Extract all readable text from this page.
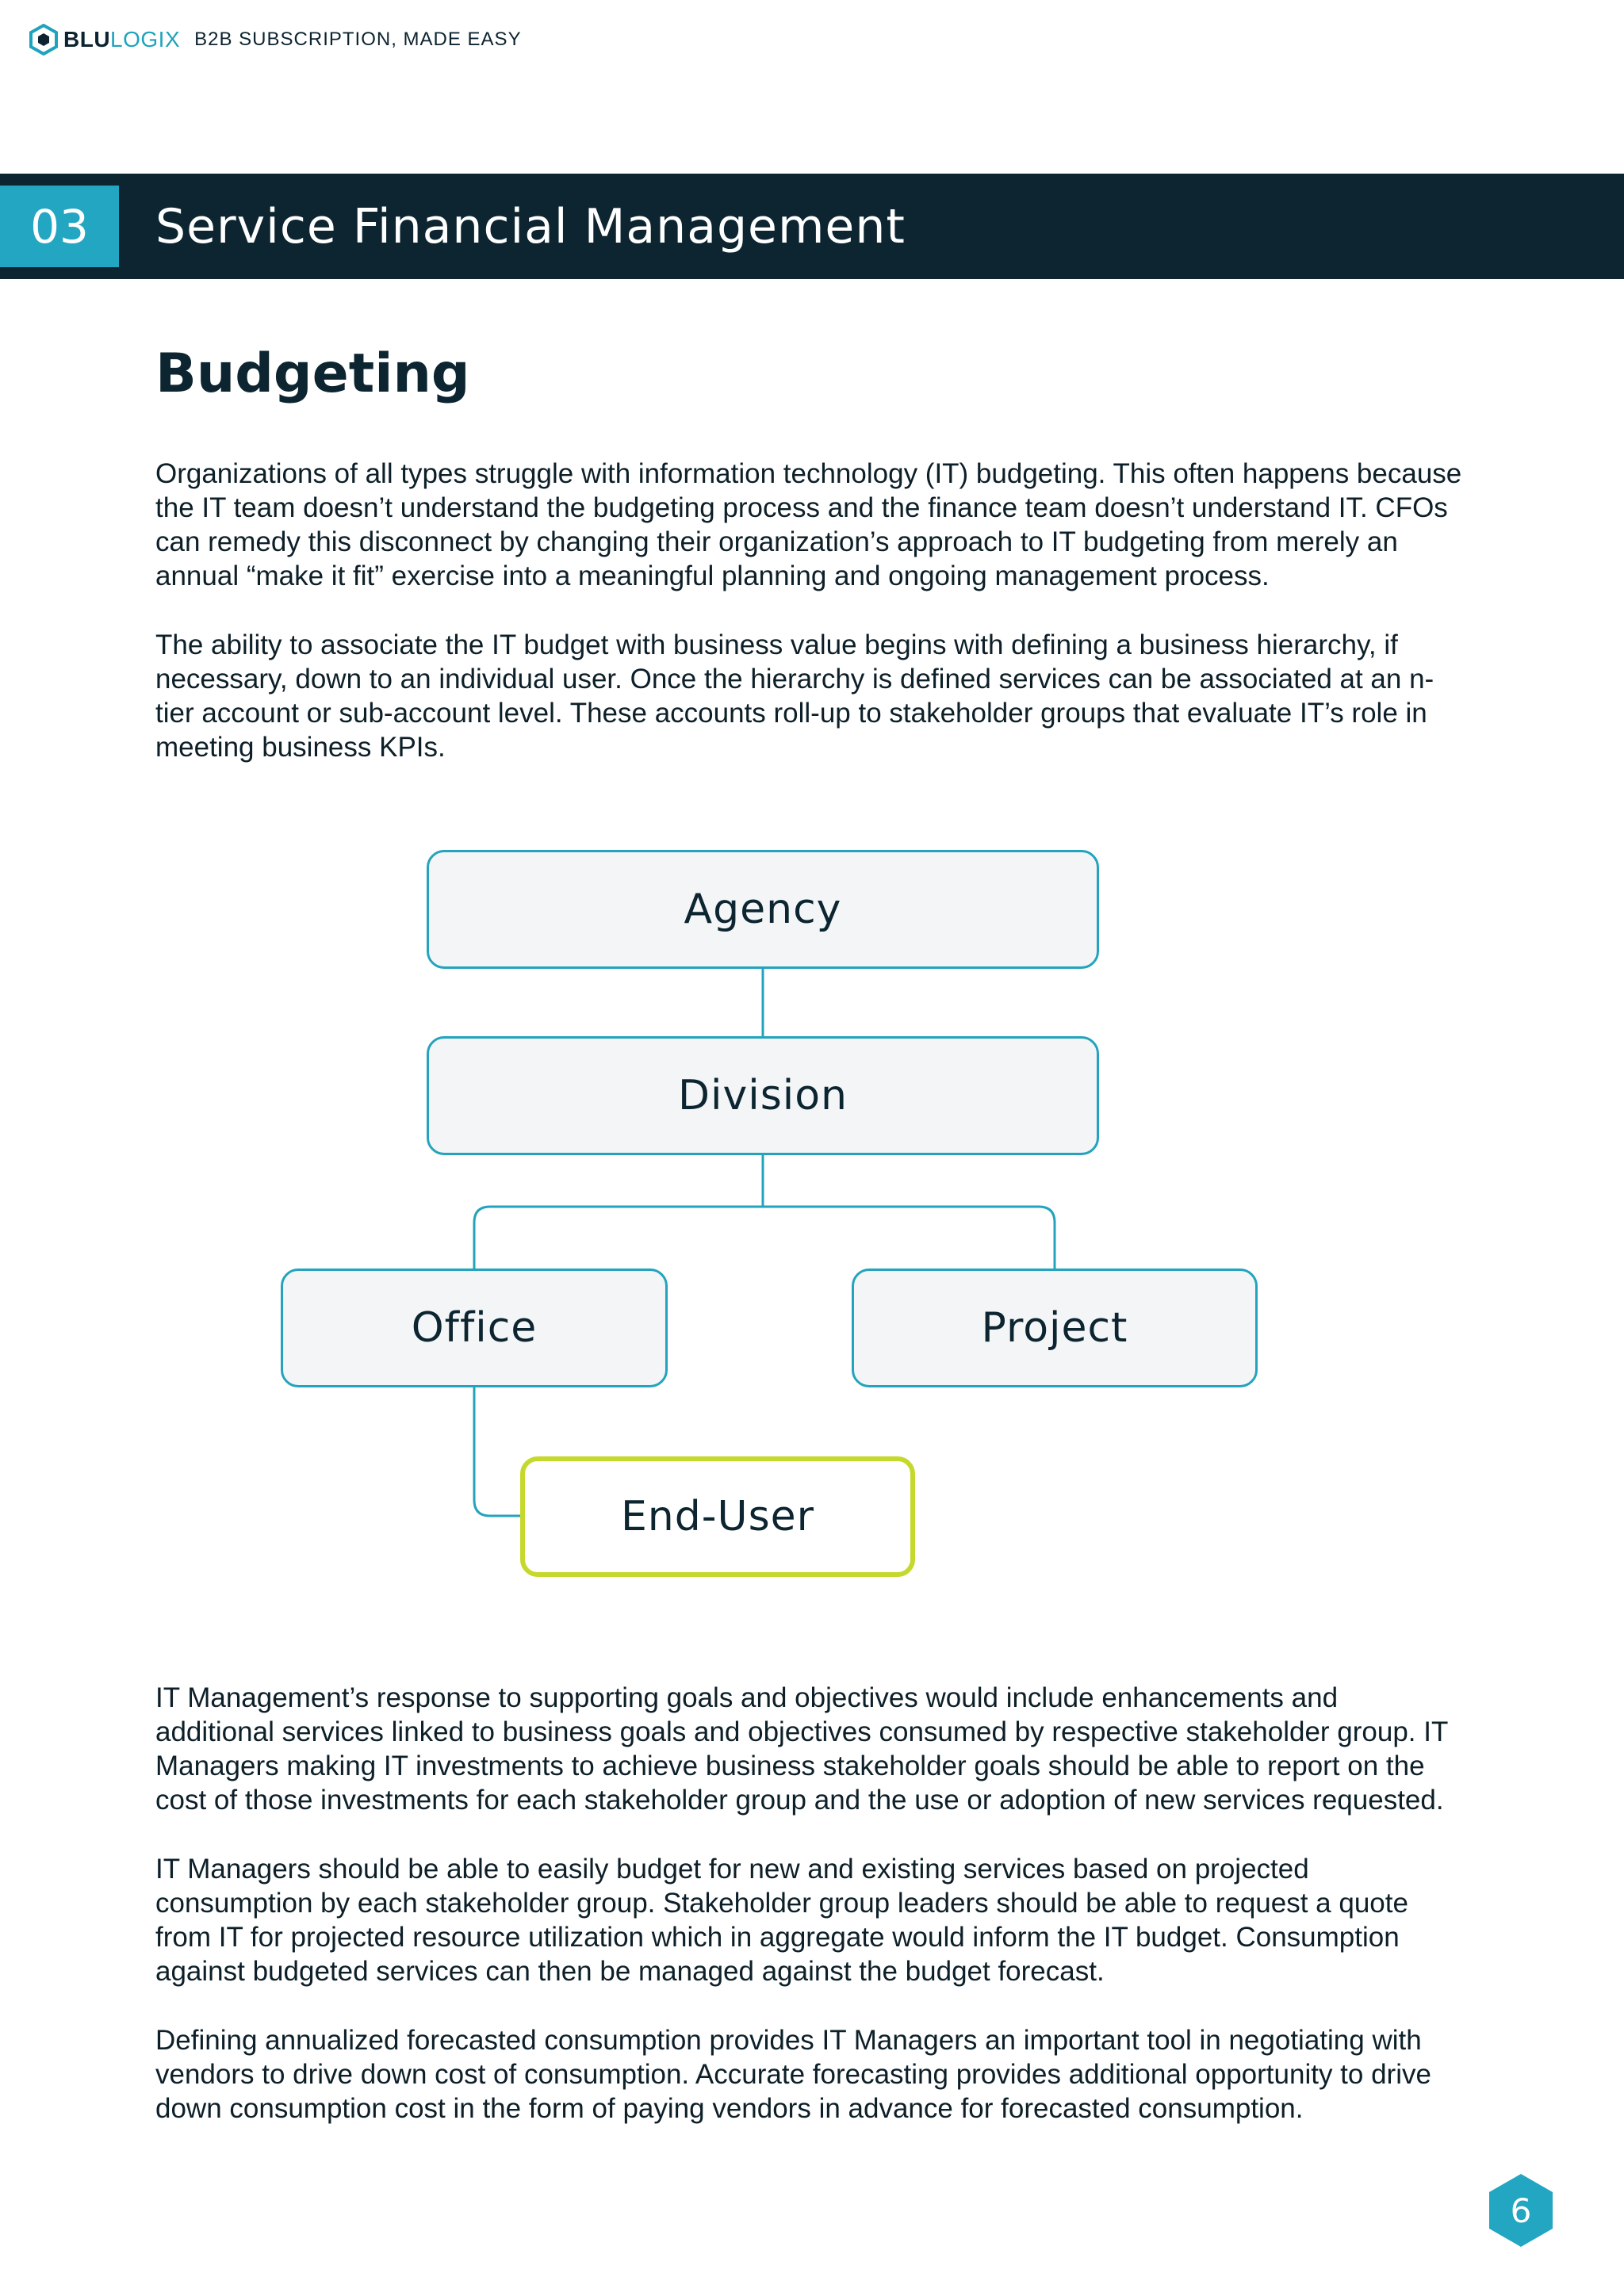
BLULOGIX B2B SUBSCRIPTION, MADE EASY
03	Service Financial Management
Budgeting

Organizations of all types struggle with information technology (IT) budgeting. This often happens because the IT team doesn’t understand the budgeting process and the finance team doesn’t understand IT. CFOs can remedy this disconnect by changing their organization’s approach to IT budgeting from merely an annual “make it fit” exercise into a meaningful planning and ongoing management process.

The ability to associate the IT budget with business value begins with defining a business hierarchy, if necessary, down to an individual user. Once the hierarchy is defined services can be associated at an n-tier account or sub-account level. These accounts roll-up to stakeholder groups that evaluate IT’s role in meeting business KPIs.

Agency
Division
Office	Project
End-User

IT Management’s response to supporting goals and objectives would include enhancements and additional services linked to business goals and objectives consumed by respective stakeholder group. IT Managers making IT investments to achieve business stakeholder goals should be able to report on the cost of those investments for each stakeholder group and the use or adoption of new services requested.

IT Managers should be able to easily budget for new and existing services based on projected consumption by each stakeholder group. Stakeholder group leaders should be able to request a quote from IT for projected resource utilization which in aggregate would inform the IT budget. Consumption against budgeted services can then be managed against the budget forecast.

Defining annualized forecasted consumption provides IT Managers an important tool in negotiating with vendors to drive down cost of consumption. Accurate forecasting provides additional opportunity to drive down consumption cost in the form of paying vendors in advance for forecasted consumption.

6
